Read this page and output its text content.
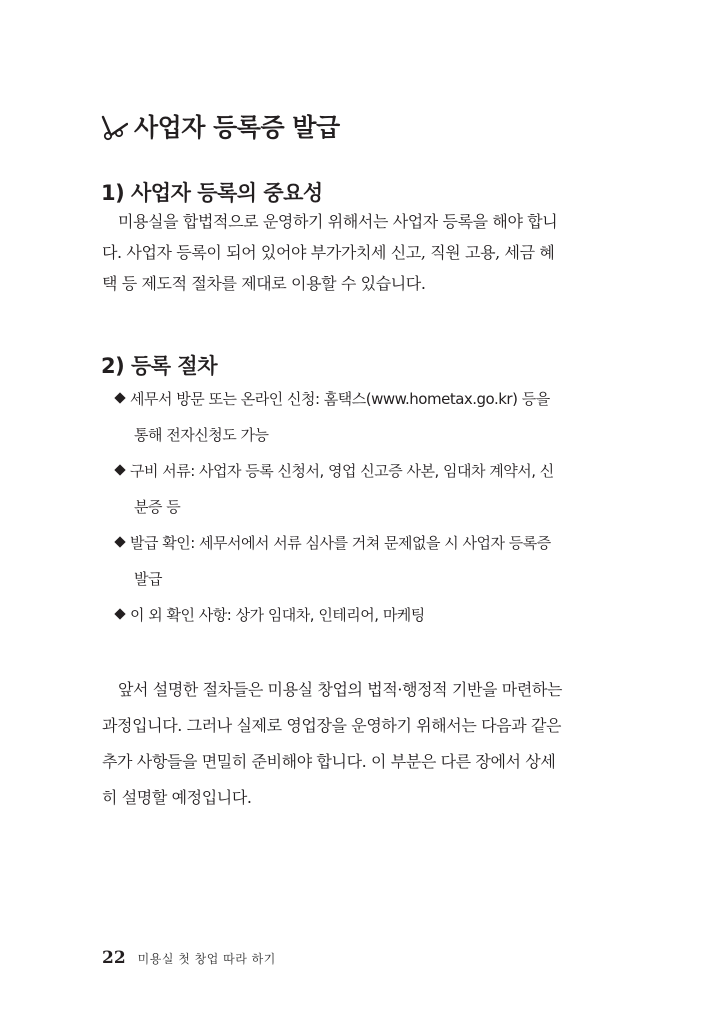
사업자 등록증 발급
1) 사업자 등록의 중요성
미용실을 합법적으로 운영하기 위해서는 사업자 등록을 해야 합니
다. 사업자 등록이 되어 있어야 부가가치세 신고, 직원 고용, 세금 혜
택 등 제도적 절차를 제대로 이용할 수 있습니다.
2) 등록 절차
세무서 방문 또는 온라인 신청: 홈택스(www.hometax.go.kr) 등을
통해 전자신청도 가능
구비 서류: 사업자 등록 신청서, 영업 신고증 사본, 임대차 계약서, 신
분증 등
발급 확인: 세무서에서 서류 심사를 거쳐 문제없을 시 사업자 등록증
발급
이 외 확인 사항: 상가 임대차, 인테리어, 마케팅
앞서 설명한 절차들은 미용실 창업의 법적·행정적 기반을 마련하는
과정입니다. 그러나 실제로 영업장을 운영하기 위해서는 다음과 같은
추가 사항들을 면밀히 준비해야 합니다. 이 부분은 다른 장에서 상세
히 설명할 예정입니다.
22 미용실 첫 창업 따라 하기
